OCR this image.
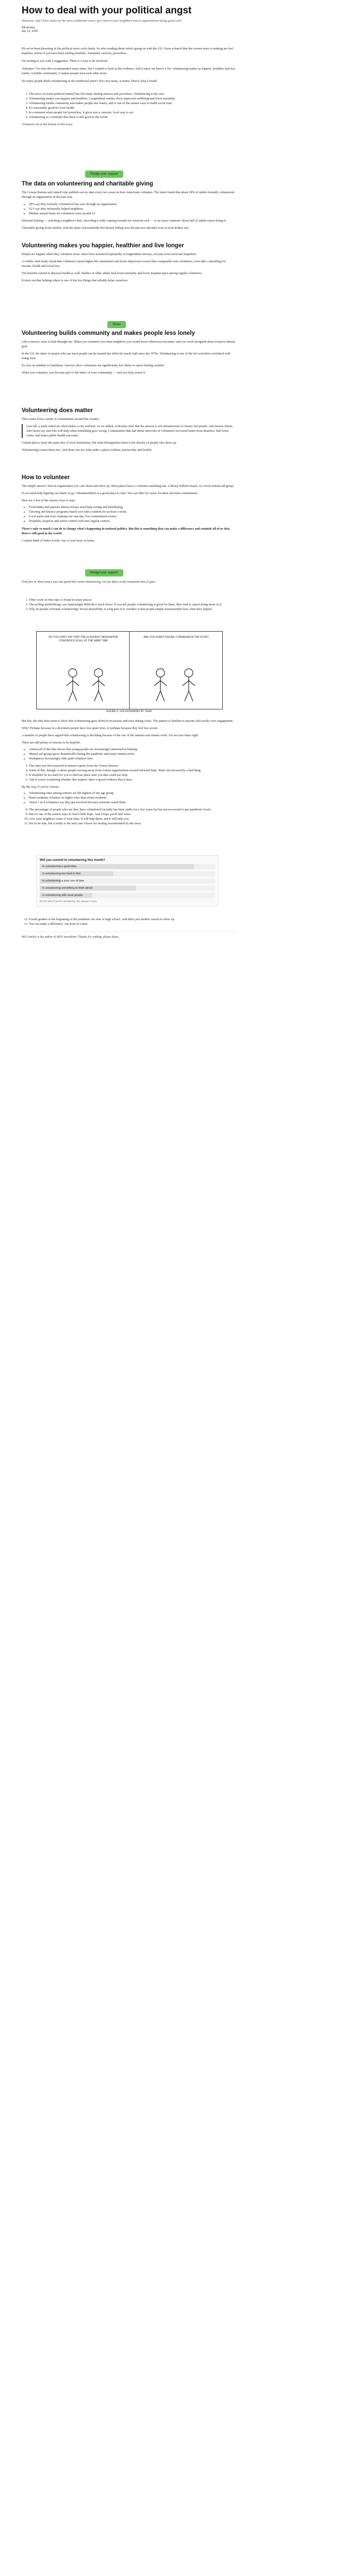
How to deal with your political angst

Volunteer. And I have slides on the more traditional sense; give time to your neighbors and to organizations doing good work

Bill Ainsley
Apr 13, 2025

Eh we've been drowning in the political news cycle lately. So after reading about what's going on with the US, I have a hunch that the current news is making me feel hopeless. Some of you have been feeling similarly: frustrated, anxious, powerless...

I'm writing to you with a suggestion. There is a way to be involved.

Volunteer. I've seen this recommended many times, but I wanted to look at the evidence. And it turns out there's a lot: volunteering makes us happier, healthier and less lonely; it builds community; it makes people trust each other more.

Do many people think volunteering in the traditional sense? Not very many, it seems. Here's what I found:

1. The news of recent political turmoil has left many feeling anxious and powerless. Volunteering is the cure.
2. Volunteering makes you happier and healthier. Longitudinal studies show improved wellbeing and lower mortality.
3. Volunteering builds community and makes people less lonely, and is one of the easiest ways to build social trust.
4. It's reasonably good for your health.
5. In a moment when people feel powerless, it gives you a concrete, local way to act.
6. Volunteering is a reminder that there is still good in the world.

Volunteers are at the bottom of this essay.

Pledge your support
The data on volunteering and charitable giving

The Census Bureau and AmeriCorps publish survey data every two years on how Americans volunteer. The latest found that about 28% of adults formally volunteered through an organization in the past year.

• 28% say they formally volunteered last year through an organization.
• 51% say they informally helped neighbors.
• Median annual hours for volunteers were around 52.

Informal helping — watching a neighbor's kids, shoveling a walk, running errands for someone sick — is far more common: about half of adults report doing it.

Charitable giving looks similar, with the share of households that donate falling over the past two decades even as total dollars rise.

Volunteering makes you happier, healthier and live longer

People are happier when they volunteer more: that's been measured repeatedly in longitudinal surveys, not just cross-sectional snapshots.

A widely cited study found that volunteers report higher life satisfaction and lower depression scores than comparable non-volunteers, even after controlling for income, health and social ties.

The benefits extend to physical health as well. Studies of older adults find lower mortality and fewer hospital stays among regular volunteers.

It turns out that helping others is one of the few things that reliably helps ourselves.

Share
Volunteering builds community and makes people less lonely

Like a muscle, trust is built through use. When you volunteer you meet neighbors you would never otherwise encounter, and you work alongside them toward a shared goal.

In the US, the share of people who say most people can be trusted has fallen by nearly half since the 1970s. Volunteering is one of the few activities correlated with rising trust.

It's also an antidote to loneliness. Surveys show volunteers are significantly less likely to report feeling isolated.

When you volunteer, you become part of the fabric of your community — and you help weave it.

Volunteering does matter

This comes from a study of communities around the country:

Last fall, a study asked me what makes a city resilient. As we talked, it became clear that the answer is not infrastructure or money but people: who knows whom, who shows up, and who will help when something goes wrong. Communities that had dense networks of volunteers recovered faster from disasters, had lower crime, and better public health outcomes.

Certain places share the same mix of local institutions, but what distinguishes them is the density of people who show up.

Volunteering creates these ties. And those ties are what make a place resilient, trustworthy and livable.

How to volunteer

The simple answer: find an organization you care about and show up. Most places have a volunteer matching site, a library bulletin board, or a local mutual aid group.

If you need help figuring out where to go, VolunteerMatch is a good place to start. You can filter by cause, location and time commitment.

Here are a few of the easiest ways to start:

• Food banks and pantries almost always need help sorting and distributing.
• Tutoring and literacy programs match you with a student for an hour a week.
• Local parks and river cleanups are one-day, low-commitment events.
• Hospitals, hospices and senior centers welcome regular visitors.

There's only so much I can do to change what's happening in national politics. But this is something that can make a difference and reminds all of us that there's still good in the world.

I cannot think of better words: one of your hour, at home.

Pledge your support

Find five or three hours you can spend this week volunteering. Let me know in the comments how it goes.

1. Other work on this topic is found in many places:
2. The polling methodology was surprisingly difficult to track down. If you tell people volunteering is good for them, they tend to report doing more of it.
3. Why do people overstate volunteering? Social desirability is a big part of it. Another is that people simply misremember how often they helped.
NO YOU CAN'T SAY THAT THE ELOQUENT INDIGNATION CONVINCES US ALL AT THE SAME TIME
ARE YOU SURE? FIGURE 2 PROBLEM IN THE STUDY
FIGURE 3: VOLUNTEERING BY YEAR

But hey, the data does seem to show that volunteering goes down in recessions and rises during crises. The pattern is familiar to anyone who tracks civic engagement.

Why? Perhaps because in a downturn people have less spare time, or perhaps because they feel less secure.

A number of people have argued that volunteering is declining because of the rise of the internet and remote work. I'm not sure that's right.

There are still plenty of reasons to be hopeful:

• Almost all of the data shows that young people are increasingly interested in helping.
• Mutual aid groups grew dramatically during the pandemic and many remain active.
• Workplaces increasingly offer paid volunteer time.
3. This data was first reported in annual reports from the Census Bureau.
4. Some of this, though, is about people moving away from formal organizations toward informal help. That's not necessarily a bad thing.
5. It shouldn't be too hard for you to find one place near you that could use help.
6. And if you're wondering whether this matters: there is good evidence that it does.

By the way, if you're curious:

• Volunteering rates among retirees are the highest of any age group.
• Rural residents volunteer at higher rates than urban residents.
• About 1 in 4 volunteers say they got involved because someone asked them.
8. The percentage of people who say they have volunteered recently has been stable for a few years but has not recovered to pre-pandemic levels.
9. But it's one of the easiest ways to find a little hope. And I hope you'll find some.
10. Give your neighbors some of your time. It will help them, and it will help you.
11. Not to be trite, but it really is the best cure I know for feeling overwhelmed by the news.
Will you commit to volunteering this month?
Is volunteering a good idea
Is volunteering too hard to find
Is volunteering a poor use of time
Is volunteering something to think about
Is volunteering with most people
By the way, if you're wondering, the answer is yes.
12. Fourth graders at the beginning of the pandemic are now in high school. And that's just another reason to show up.
13. You can make a difference, one hour at a time.

Bill Ainsley is the author of Bill's newsletter. Thanks for reading; please share.
